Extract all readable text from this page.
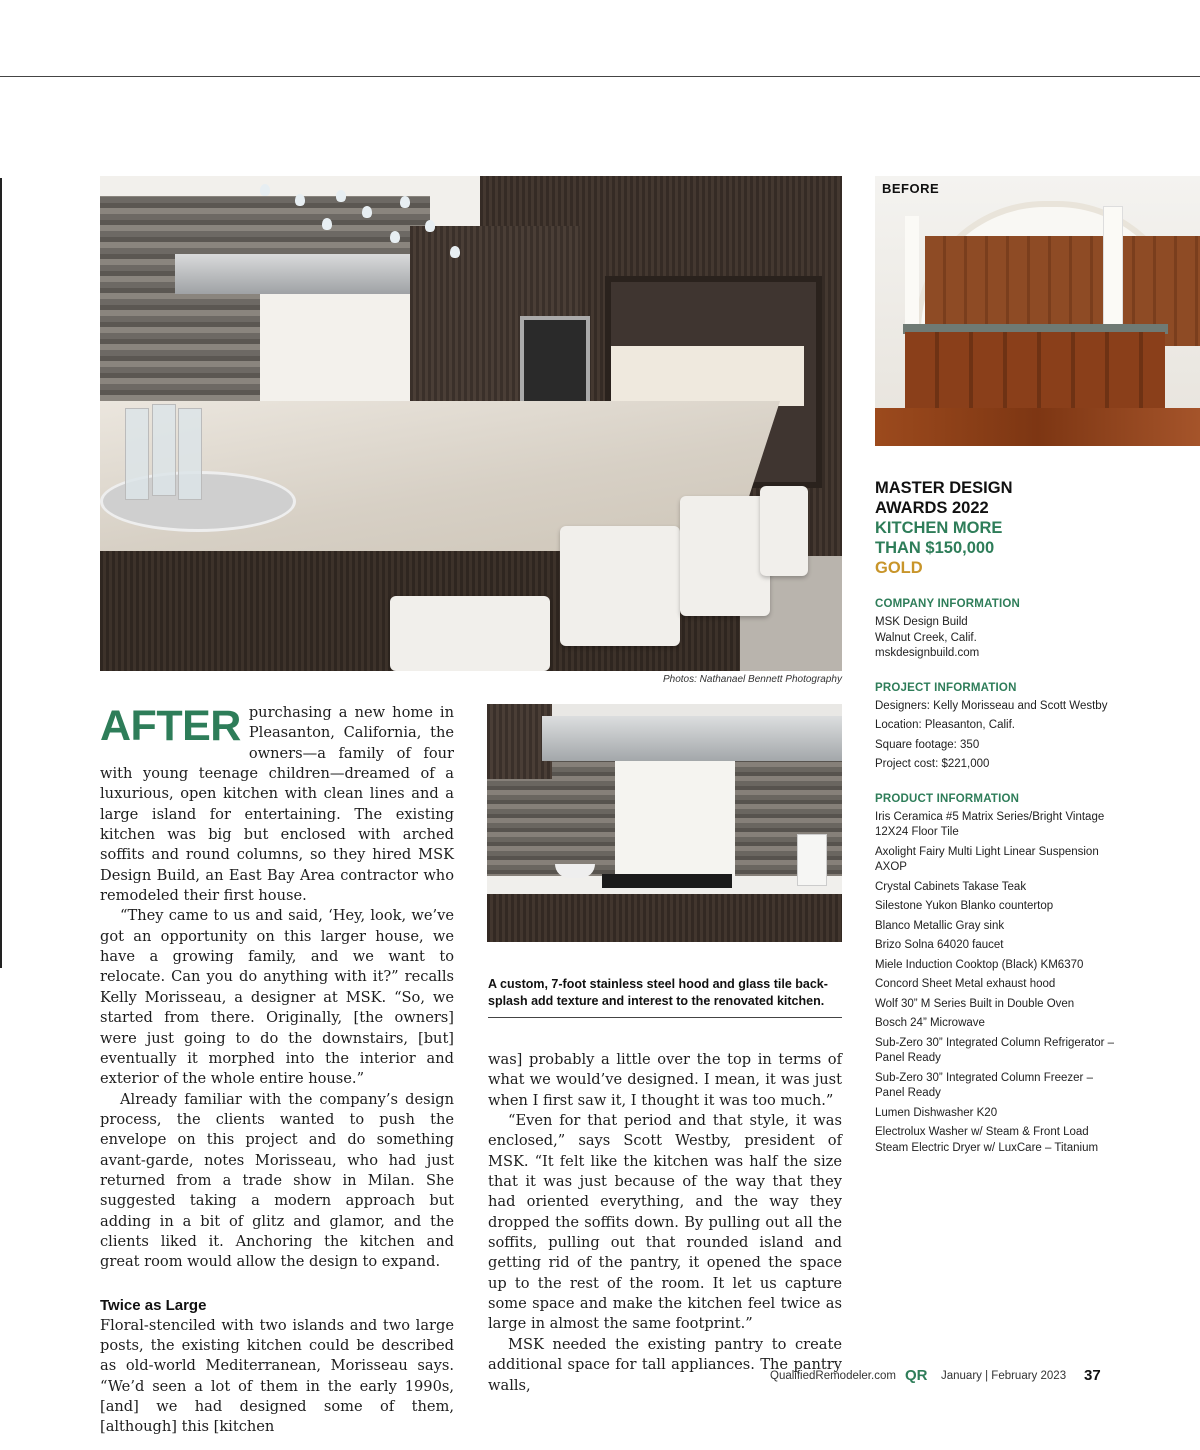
BEFORE
Photos: Nathanael Bennett Photography
A custom, 7-foot stainless steel hood and glass tile back-splash add texture and interest to the renovated kitchen.

AFTER purchasing a new home in Pleasanton, California, the owners—a family of four with young teenage children—dreamed of a luxurious, open kitchen with clean lines and a large island for entertaining. The existing kitchen was big but enclosed with arched soffits and round columns, so they hired MSK Design Build, an East Bay Area contractor who remodeled their first house.

“They came to us and said, ‘Hey, look, we’ve got an opportunity on this larger house, we have a growing family, and we want to relocate. Can you do anything with it?” recalls Kelly Morisseau, a designer at MSK. “So, we started from there. Originally, [the owners] were just going to do the downstairs, [but] eventually it morphed into the interior and exterior of the whole entire house.”

Already familiar with the company’s design process, the clients wanted to push the envelope on this project and do something avant-garde, notes Morisseau, who had just returned from a trade show in Milan. She suggested taking a modern approach but adding in a bit of glitz and glamor, and the clients liked it. Anchoring the kitchen and great room would allow the design to expand.

Twice as Large

Floral-stenciled with two islands and two large posts, the existing kitchen could be described as old-world Mediterranean, Morisseau says. “We’d seen a lot of them in the early 1990s, [and] we had designed some of them, [although] this [kitchen

was] probably a little over the top in terms of what we would’ve designed. I mean, it was just when I first saw it, I thought it was too much.”

“Even for that period and that style, it was enclosed,” says Scott Westby, president of MSK. “It felt like the kitchen was half the size that it was just because of the way that they had oriented everything, and the way they dropped the soffits down. By pulling out all the soffits, pulling out that rounded island and getting rid of the pantry, it opened the space up to the rest of the room. It let us capture some space and make the kitchen feel twice as large in almost the same footprint.”

MSK needed the existing pantry to create additional space for tall appliances. The pantry walls,

MASTER DESIGN

AWARDS 2022

KITCHEN MORE

THAN $150,000

GOLD

COMPANY INFORMATION

MSK Design Build

Walnut Creek, Calif.

mskdesignbuild.com

PROJECT INFORMATION

Designers: Kelly Morisseau and Scott Westby

Location: Pleasanton, Calif.

Square footage: 350

Project cost: $221,000

PRODUCT INFORMATION

Iris Ceramica #5 Matrix Series/Bright Vintage 12X24 Floor Tile

Axolight Fairy Multi Light Linear Suspension AXOP

Crystal Cabinets Takase Teak

Silestone Yukon Blanko countertop

Blanco Metallic Gray sink

Brizo Solna 64020 faucet

Miele Induction Cooktop (Black) KM6370

Concord Sheet Metal exhaust hood

Wolf 30” M Series Built in Double Oven

Bosch 24” Microwave

Sub-Zero 30” Integrated Column Refrigerator – Panel Ready

Sub-Zero 30” Integrated Column Freezer – Panel Ready

Lumen Dishwasher K20

Electrolux Washer w/ Steam & Front Load Steam Electric Dryer w/ LuxCare – Titanium

QualifiedRemodeler.com QR January | February 2023 37
